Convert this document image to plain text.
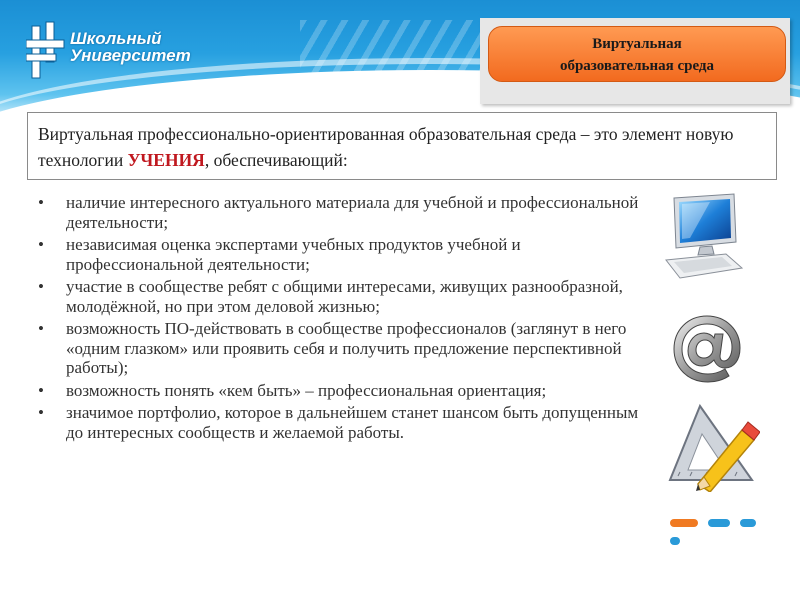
Школьный
Университет
Виртуальная
образовательная среда
Виртуальная профессионально-ориентированная образовательная среда – это элемент новую технологии УЧЕНИЯ, обеспечивающий:
• наличие интересного актуального материала для учебной и профессиональной деятельности;
• независимая оценка экспертами учебных продуктов учебной и профессиональной деятельности;
• участие в сообществе ребят с общими интересами, живущих разнообразной, молодёжной, но при этом деловой жизнью;
• возможность ПО-действовать в сообществе профессионалов (заглянут в него «одним глазком» или проявить себя и получить предложение перспективной работы);
• возможность понять «кем быть» – профессиональная ориентация;
• значимое портфолио, которое в дальнейшем станет шансом быть допущенным до интересных сообществ и желаемой работы.
